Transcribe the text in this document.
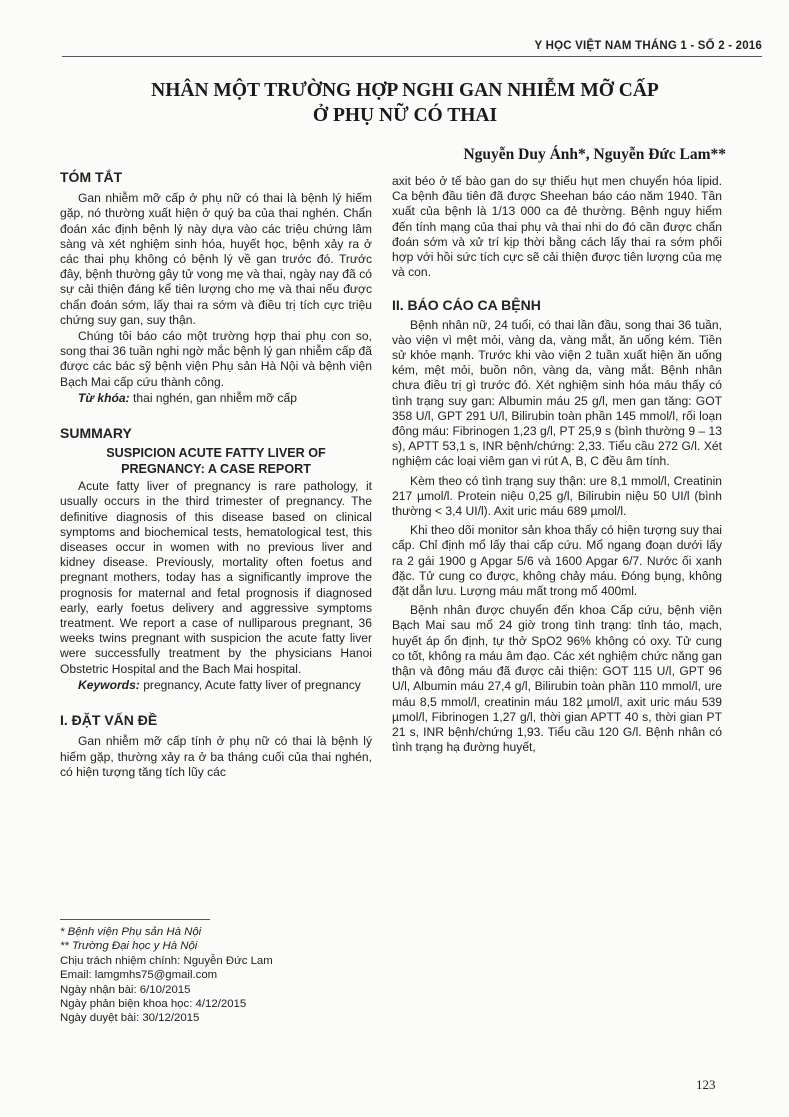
Y HỌC VIỆT NAM THÁNG 1 - SỐ 2 - 2016
NHÂN MỘT TRƯỜNG HỢP NGHI GAN NHIỄM MỠ CẤP
Ở PHỤ NỮ CÓ THAI
Nguyễn Duy Ánh*, Nguyễn Đức Lam**

TÓM TẮT

Gan nhiễm mỡ cấp ở phụ nữ có thai là bệnh lý hiếm gặp, nó thường xuất hiện ở quý ba của thai nghén. Chẩn đoán xác định bệnh lý này dựa vào các triệu chứng lâm sàng và xét nghiệm sinh hóa, huyết học, bệnh xảy ra ở các thai phụ không có bệnh lý về gan trước đó. Trước đây, bệnh thường gây tử vong mẹ và thai, ngày nay đã có sự cải thiện đáng kể tiên lượng cho mẹ và thai nếu được chẩn đoán sớm, lấy thai ra sớm và điều trị tích cực triệu chứng suy gan, suy thận.

Chúng tôi báo cáo một trường hợp thai phụ con so, song thai 36 tuần nghi ngờ mắc bệnh lý gan nhiễm cấp đã được các bác sỹ bệnh viện Phụ sản Hà Nội và bệnh viện Bạch Mai cấp cứu thành công.

Từ khóa: thai nghén, gan nhiễm mỡ cấp

SUMMARY

SUSPICION ACUTE FATTY LIVER OF
PREGNANCY: A CASE REPORT

Acute fatty liver of pregnancy is rare pathology, it usually occurs in the third trimester of pregnancy. The definitive diagnosis of this disease based on clinical symptoms and biochemical tests, hematological test, this diseases occur in women with no previous liver and kidney disease. Previously, mortality often foetus and pregnant mothers, today has a significantly improve the prognosis for maternal and fetal prognosis if diagnosed early, early foetus delivery and aggressive symptoms treatment. We report a case of nulliparous pregnant, 36 weeks twins pregnant with suspicion the acute fatty liver were successfully treatment by the physicians Hanoi Obstetric Hospital and the Bach Mai hospital.

Keywords: pregnancy, Acute fatty liver of pregnancy

I. ĐẶT VẤN ĐỀ

Gan nhiễm mỡ cấp tính ở phụ nữ có thai là bệnh lý hiếm gặp, thường xảy ra ở ba tháng cuối của thai nghén, có hiện tượng tăng tích lũy các

* Bệnh viện Phụ sản Hà Nội
** Trường Đại học y Hà Nội
Chịu trách nhiệm chính: Nguyễn Đức Lam
Email: lamgmhs75@gmail.com
Ngày nhận bài: 6/10/2015
Ngày phản biện khoa học: 4/12/2015
Ngày duyệt bài: 30/12/2015

axit béo ở tế bào gan do sự thiếu hụt men chuyển hóa lipid. Ca bệnh đầu tiên đã được Sheehan báo cáo năm 1940. Tần xuất của bệnh là 1/13 000 ca đẻ thường. Bệnh nguy hiểm đến tính mạng của thai phụ và thai nhi do đó cần được chẩn đoán sớm và xử trí kịp thời bằng cách lấy thai ra sớm phối hợp với hồi sức tích cực sẽ cải thiện được tiên lượng của mẹ và con.

II. BÁO CÁO CA BỆNH

Bệnh nhân nữ, 24 tuổi, có thai lần đầu, song thai 36 tuần, vào viện vì mệt mỏi, vàng da, vàng mắt, ăn uống kém. Tiền sử khỏe mạnh. Trước khi vào viện 2 tuần xuất hiện ăn uống kém, mệt mỏi, buồn nôn, vàng da, vàng mắt. Bệnh nhân chưa điều trị gì trước đó. Xét nghiệm sinh hóa máu thấy có tình trạng suy gan: Albumin máu 25 g/l, men gan tăng: GOT 358 U/l, GPT 291 U/l, Bilirubin toàn phần 145 mmol/l, rối loạn đông máu: Fibrinogen 1,23 g/l, PT 25,9 s (bình thường 9 – 13 s), APTT 53,1 s, INR bệnh/chứng: 2,33. Tiểu cầu 272 G/l. Xét nghiệm các loại viêm gan vi rút A, B, C đều âm tính.

Kèm theo có tình trạng suy thận: ure 8,1 mmol/l, Creatinin 217 µmol/l. Protein niệu 0,25 g/l, Bilirubin niệu 50 UI/l (bình thường < 3,4 UI/l). Axit uric máu 689 µmol/l.

Khi theo dõi monitor sản khoa thấy có hiện tượng suy thai cấp. Chỉ định mổ lấy thai cấp cứu. Mổ ngang đoạn dưới lấy ra 2 gái 1900 g Apgar 5/6 và 1600 Apgar 6/7. Nước ối xanh đặc. Tử cung co được, không chảy máu. Đóng bụng, không đặt dẫn lưu. Lượng máu mất trong mổ 400ml.

Bệnh nhân được chuyển đến khoa Cấp cứu, bệnh viện Bạch Mai sau mổ 24 giờ trong tình trạng: tỉnh táo, mạch, huyết áp ổn định, tự thở SpO2 96% không có oxy. Tử cung co tốt, không ra máu âm đạo. Các xét nghiệm chức năng gan thận và đông máu đã được cải thiện: GOT 115 U/l, GPT 96 U/l, Albumin máu 27,4 g/l, Bilirubin toàn phần 110 mmol/l, ure máu 8,5 mmol/l, creatinin máu 182 µmol/l, axit uric máu 539 µmol/l, Fibrinogen 1,27 g/l, thời gian APTT 40 s, thời gian PT 21 s, INR bệnh/chứng 1,93. Tiểu cầu 120 G/l. Bệnh nhân có tình trạng hạ đường huyết,

123
